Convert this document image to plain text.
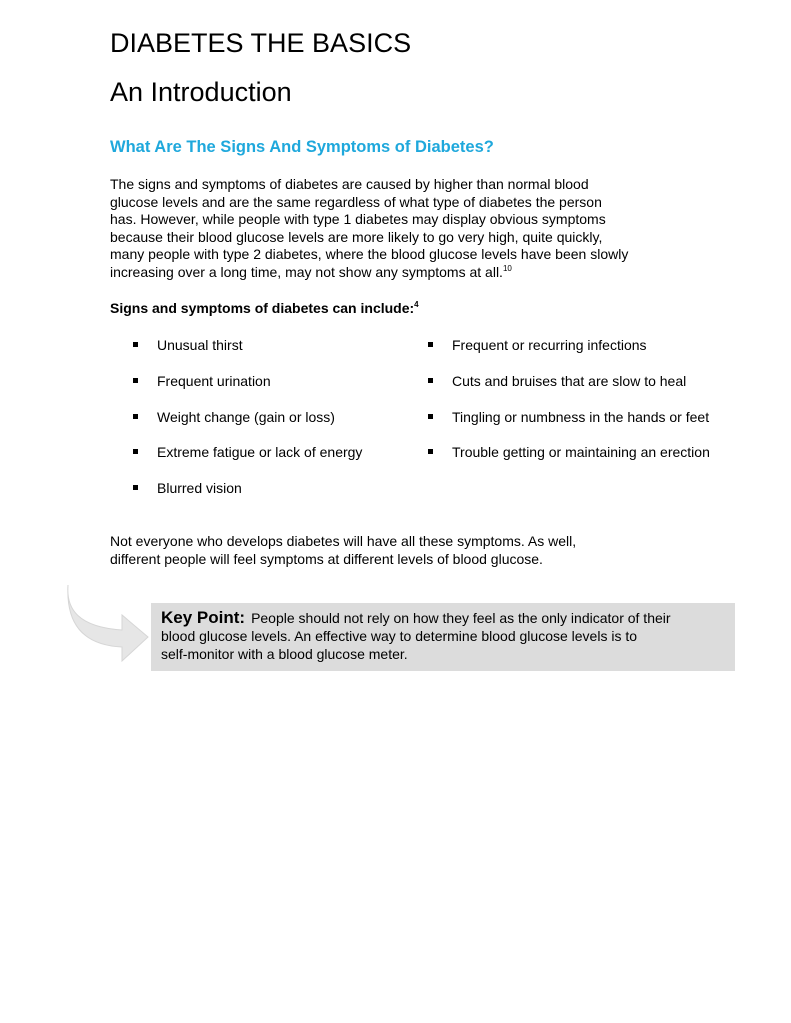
DIABETES THE BASICS
An Introduction
What Are The Signs And Symptoms of Diabetes?

The signs and symptoms of diabetes are caused by higher than normal blood
glucose levels and are the same regardless of what type of diabetes the person
has. However, while people with type 1 diabetes may display obvious symptoms
because their blood glucose levels are more likely to go very high, quite quickly,
many people with type 2 diabetes, where the blood glucose levels have been slowly
increasing over a long time, may not show any symptoms at all.$^{10}$

Signs and symptoms of diabetes can include:$^4$

Unusual thirst
Frequent urination
Weight change (gain or loss)
Extreme fatigue or lack of energy
Blurred vision
Frequent or recurring infections
Cuts and bruises that are slow to heal
Tingling or numbness in the hands or feet
Trouble getting or maintaining an erection

Not everyone who develops diabetes will have all these symptoms. As well,
different people will feel symptoms at different levels of blood glucose.

Key Point: People should not rely on how they feel as the only indicator of their
blood glucose levels. An effective way to determine blood glucose levels is to
self-monitor with a blood glucose meter.
